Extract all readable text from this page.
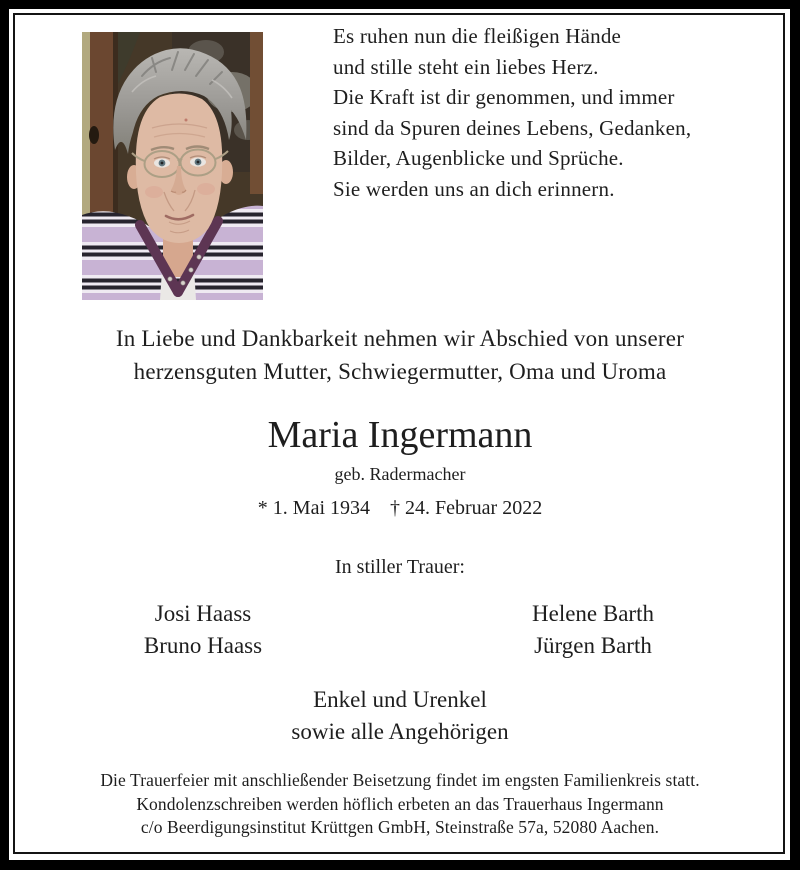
Es ruhen nun die fleißigen Hände
und stille steht ein liebes Herz.
Die Kraft ist dir genommen, und immer
sind da Spuren deines Lebens, Gedanken,
Bilder, Augenblicke und Sprüche.
Sie werden uns an dich erinnern.
In Liebe und Dankbarkeit nehmen wir Abschied von unserer
herzensguten Mutter, Schwiegermutter, Oma und Uroma
Maria Ingermann
geb. Radermacher
* 1. Mai 1934 † 24. Februar 2022
In stiller Trauer:
Josi Haass
Bruno Haass
Helene Barth
Jürgen Barth
Enkel und Urenkel
sowie alle Angehörigen
Die Trauerfeier mit anschließender Beisetzung findet im engsten Familienkreis statt.
Kondolenzschreiben werden höflich erbeten an das Trauerhaus Ingermann
c/o Beerdigungsinstitut Krüttgen GmbH, Steinstraße 57a, 52080 Aachen.
